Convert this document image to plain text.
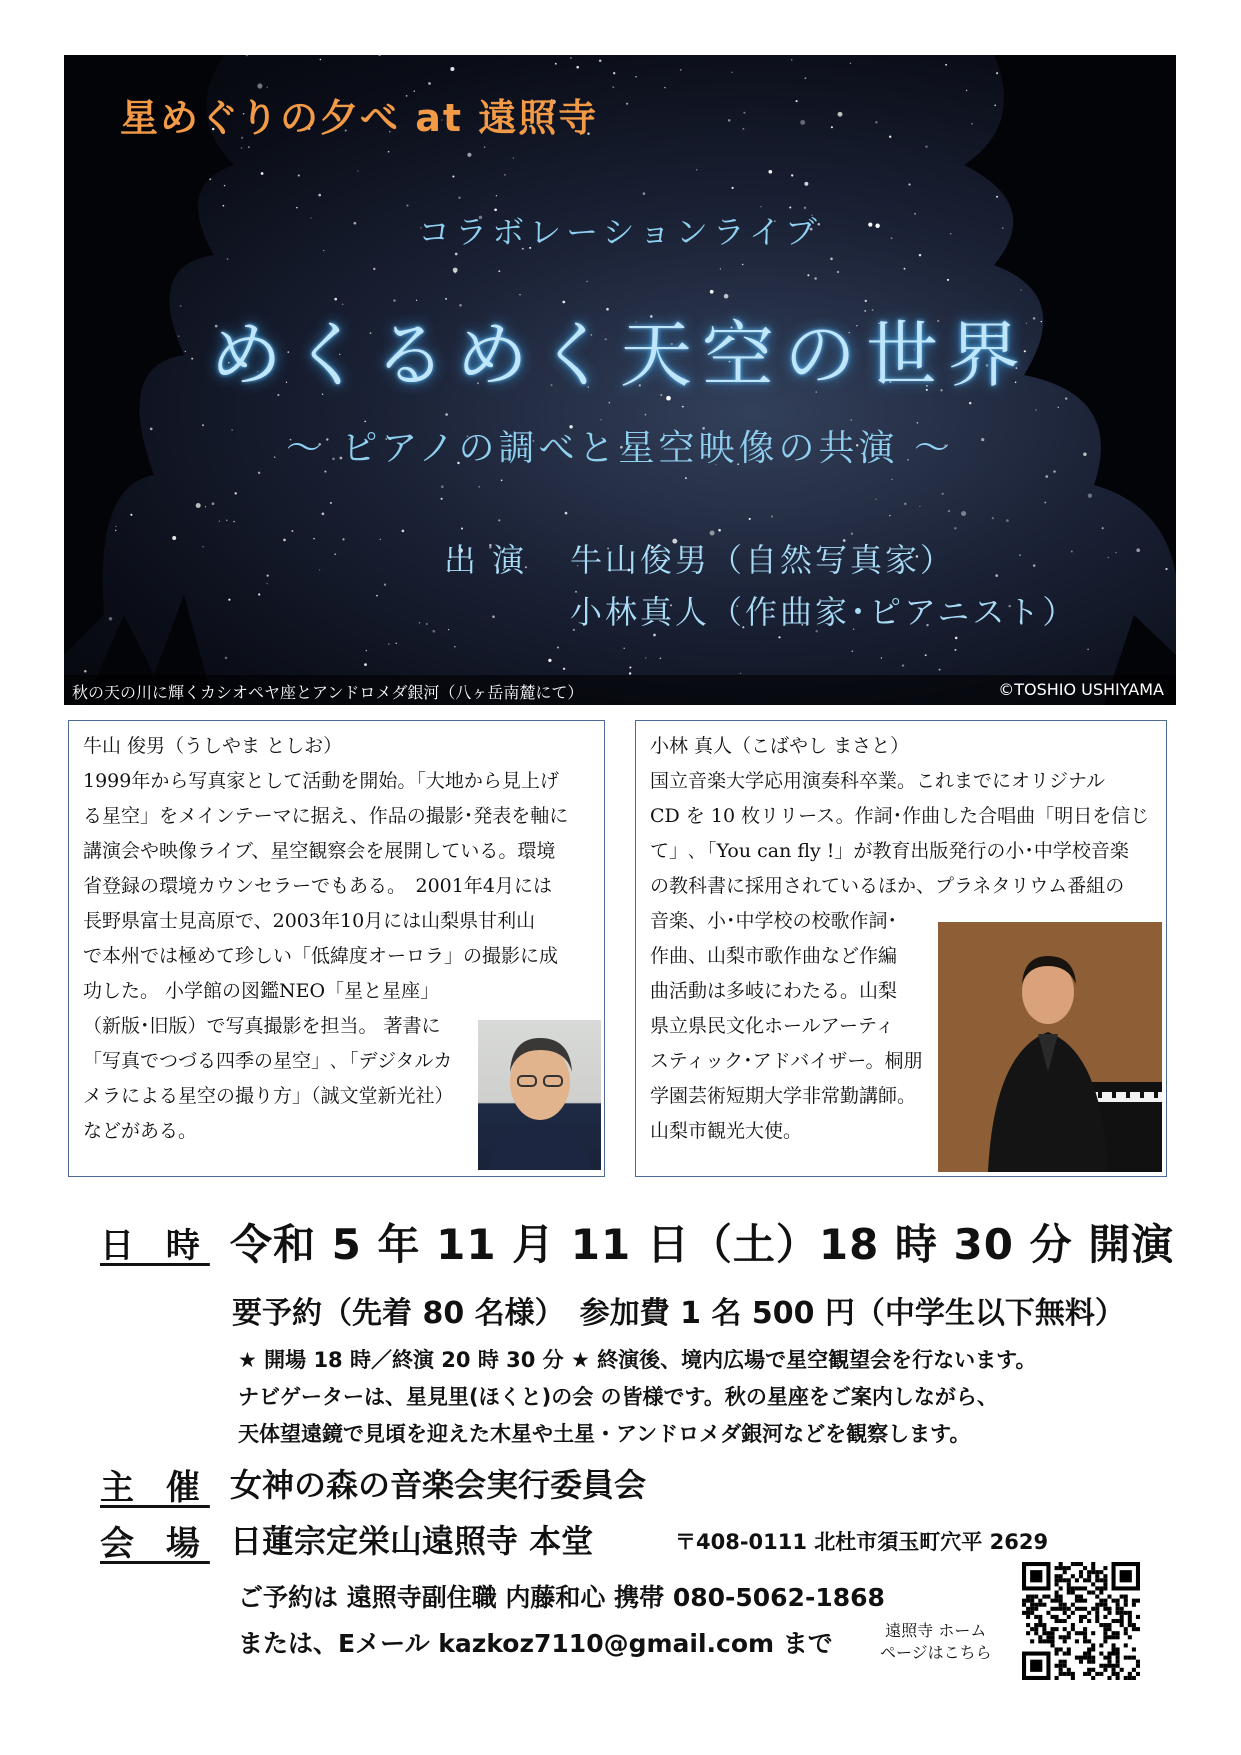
星めぐりの夕べ at 遠照寺
コラボレーションライブ
めくるめく天空の世界
～ ピアノの調べと星空映像の共演 ～
出 演 牛山俊男（自然写真家）
小林真人（作曲家･ピアニスト）
秋の天の川に輝くカシオペヤ座とアンドロメダ銀河（八ヶ岳南麓にて）	©TOSHIO USHIYAMA
牛山 俊男（うしやま としお）
1999年から写真家として活動を開始。「大地から見上げ
る星空」をメインテーマに据え、作品の撮影･発表を軸に
講演会や映像ライブ、星空観察会を展開している。環境
省登録の環境カウンセラーでもある。　2001年4月には
長野県富士見高原で、2003年10月には山梨県甘利山
で本州では極めて珍しい「低緯度オーロラ」の撮影に成
功した。 小学館の図鑑NEO「星と星座」
（新版･旧版）で写真撮影を担当。 著書に
「写真でつづる四季の星空」､「デジタルカ
メラによる星空の撮り方」（誠文堂新光社）
などがある。
小林 真人（こばやし まさと）
国立音楽大学応用演奏科卒業。これまでにオリジナル
CD を 10 枚リリース。作詞･作曲した合唱曲「明日を信じ
て」､「You can fly !」が教育出版発行の小･中学校音楽
の教科書に採用されているほか、プラネタリウム番組の
音楽、小･中学校の校歌作詞･
作曲、山梨市歌作曲など作編
曲活動は多岐にわたる。山梨
県立県民文化ホールアーティ
スティック･アドバイザー。桐朋
学園芸術短期大学非常勤講師。
山梨市観光大使。
日 時 令和 5 年 11 月 11 日（土）18 時 30 分 開演
要予約（先着 80 名様）　参加費 1 名 500 円（中学生以下無料）
★ 開場 18 時／終演 20 時 30 分 ★ 終演後、境内広場で星空観望会を行ないます。
ナビゲーターは、星見里(ほくと)の会 の皆様です。秋の星座をご案内しながら、
天体望遠鏡で見頃を迎えた木星や土星・アンドロメダ銀河などを観察します。
主 催 女神の森の音楽会実行委員会
会 場 日蓮宗定栄山遠照寺 本堂	〒408-0111 北杜市須玉町穴平 2629
ご予約は 遠照寺副住職 内藤和心 携帯 080-5062-1868
または、Eメール kazkoz7110@gmail.com まで	遠照寺 ホーム
ページはこちら
